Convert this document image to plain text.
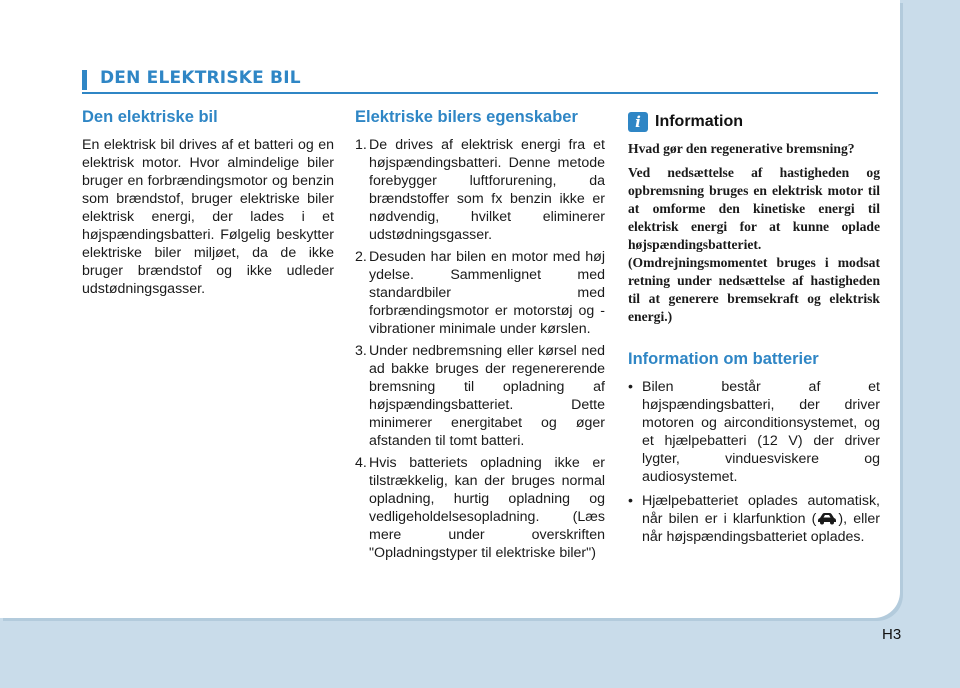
DEN ELEKTRISKE BIL
Den elektriske bil

En elektrisk bil drives af et batteri og en elektrisk motor. Hvor almindelige biler bruger en forbrændingsmotor og benzin som brændstof, bruger elektriske biler elektrisk energi, der lades i et højspændingsbatteri. Følgelig beskytter elektriske biler miljøet, da de ikke bruger brændstof og ikke udleder udstødningsgasser.

Elektriske bilers egenskaber
1. De drives af elektrisk energi fra et højspændingsbatteri. Denne metode forebygger luftforurening, da brændstoffer som fx benzin ikke er nødvendig, hvilket eliminerer udstødningsgasser.
2. Desuden har bilen en motor med høj ydelse. Sammenlignet med standardbiler med forbrændingsmotor er motorstøj og -vibrationer minimale under kørslen.
3. Under nedbremsning eller kørsel ned ad bakke bruges der regenererende bremsning til opladning af højspændingsbatteriet. Dette minimerer energitabet og øger afstanden til tomt batteri.
4. Hvis batteriets opladning ikke er tilstrækkelig, kan der bruges normal opladning, hurtig opladning og vedligeholdelsesopladning. (Læs mere under overskriften "Opladningstyper til elektriske biler")
i Information

Hvad gør den regenerative bremsning?

Ved nedsættelse af hastigheden og opbremsning bruges en elektrisk motor til at omforme den kinetiske energi til elektrisk energi for at kunne oplade højspændingsbatteriet. (Omdrejningsmomentet bruges i modsat retning under nedsættelse af hastigheden til at generere bremsekraft og elektrisk energi.)

Information om batterier
• Bilen består af et højspændingsbatteri, der driver motoren og airconditionsystemet, og et hjælpebatteri (12 V) der driver lygter, vinduesviskere og audiosystemet.
• Hjælpebatteriet oplades automatisk, når bilen er i klarfunktion ( ), eller når højspændingsbatteriet oplades.
H3
